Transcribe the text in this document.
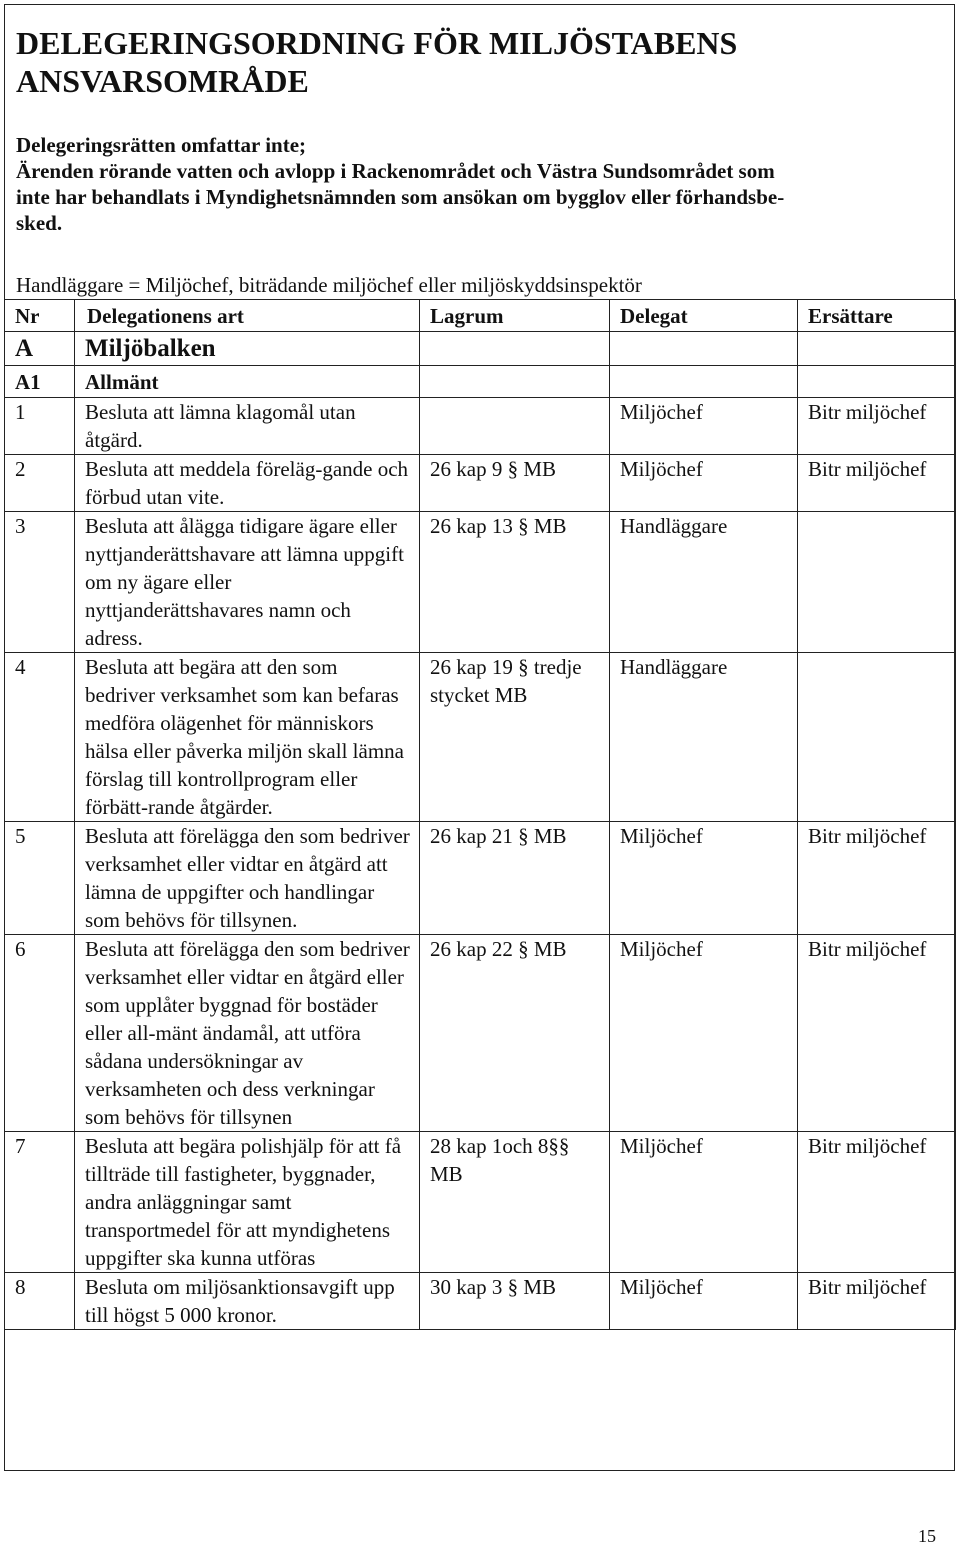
DELEGERINGSORDNING FÖR MILJÖSTABENS ANSVARSOMRÅDE
Delegeringsrätten omfattar inte;
Ärenden rörande vatten och avlopp i Rackenområdet och Västra Sundsområdet som
inte har behandlats i Myndighetsnämnden som ansökan om bygglov eller förhandsbe-
sked.
Handläggare = Miljöchef, biträdande miljöchef eller miljöskyddsinspektör
Nr	Delegationens art	Lagrum	Delegat	Ersättare
A	Miljöbalken			
A1	Allmänt			
1	Besluta att lämna klagomål utan åtgärd.		Miljöchef	Bitr miljöchef
2	Besluta att meddela föreläg-gande och förbud utan vite.	26 kap 9 § MB	Miljöchef	Bitr miljöchef
3	Besluta att ålägga tidigare ägare eller nyttjanderättshavare att lämna uppgift om ny ägare eller nyttjanderättshavares namn och adress.	26 kap 13 § MB	Handläggare	
4	Besluta att begära att den som bedriver verksamhet som kan befaras medföra olägenhet för människors hälsa eller påverka miljön skall lämna förslag till kontrollprogram eller förbätt-rande åtgärder.	26 kap 19 § tredje stycket MB	Handläggare	
5	Besluta att förelägga den som bedriver verksamhet eller vidtar en åtgärd att lämna de uppgifter och handlingar som behövs för tillsynen.	26 kap 21 § MB	Miljöchef	Bitr miljöchef
6	Besluta att förelägga den som bedriver verksamhet eller vidtar en åtgärd eller som upplåter byggnad för bostäder eller all-mänt ändamål, att utföra sådana undersökningar av verksamheten och dess verkningar som behövs för tillsynen	26 kap 22 § MB	Miljöchef	Bitr miljöchef
7	Besluta att begära polishjälp för att få tillträde till fastigheter, byggnader, andra anläggningar samt transportmedel för att myndighetens uppgifter ska kunna utföras	28 kap 1och 8§§ MB	Miljöchef	Bitr miljöchef
8	Besluta om miljösanktionsavgift upp till högst 5 000 kronor.	30 kap 3 § MB	Miljöchef	Bitr miljöchef
15
